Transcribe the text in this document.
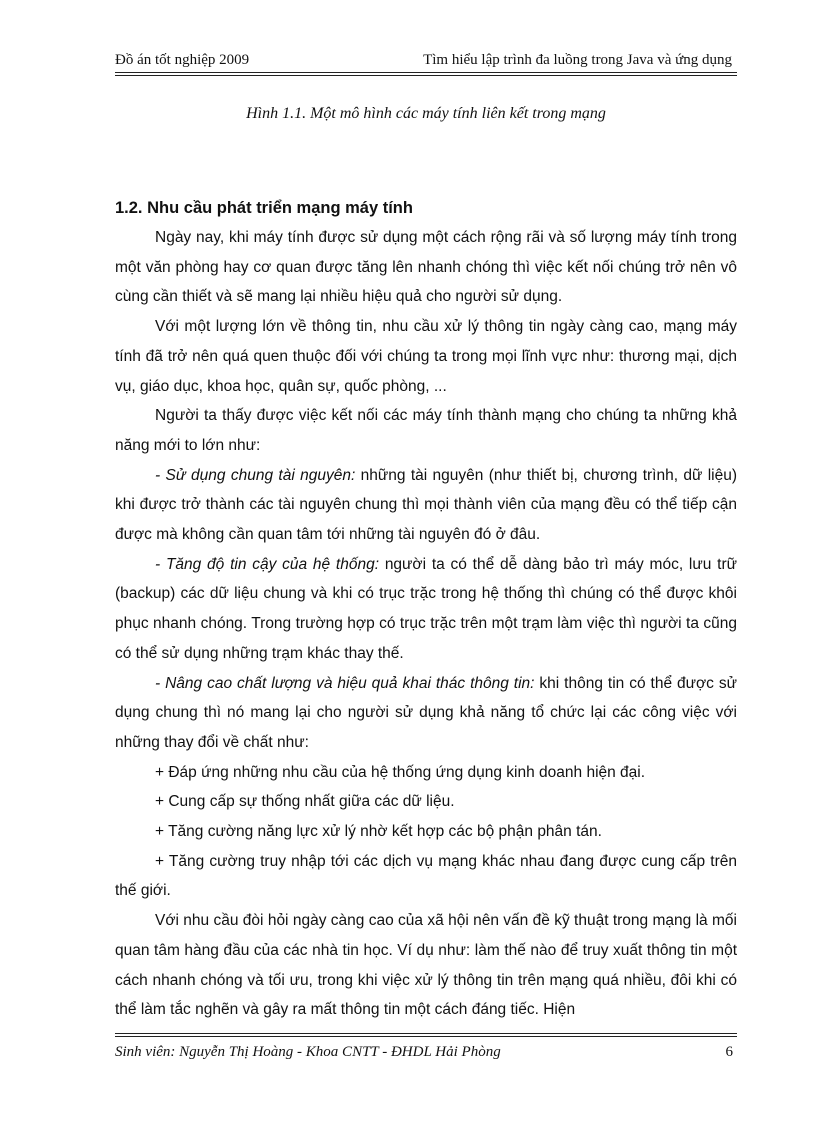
Đồ án tốt nghiệp 2009	Tìm hiểu lập trình đa luồng trong Java và ứng dụng
Hình 1.1. Một mô hình các máy tính liên kết trong mạng
1.2. Nhu cầu phát triển mạng máy tính

Ngày nay, khi máy tính được sử dụng một cách rộng rãi và số lượng máy tính trong một văn phòng hay cơ quan được tăng lên nhanh chóng thì việc kết nối chúng trở nên vô cùng cần thiết và sẽ mang lại nhiều hiệu quả cho người sử dụng.

Với một lượng lớn về thông tin, nhu cầu xử lý thông tin ngày càng cao, mạng máy tính đã trở nên quá quen thuộc đối với chúng ta trong mọi lĩnh vực như: thương mại, dịch vụ, giáo dục, khoa học, quân sự, quốc phòng, ...

Người ta thấy được việc kết nối các máy tính thành mạng cho chúng ta những khả năng mới to lớn như:

- Sử dụng chung tài nguyên: những tài nguyên (như thiết bị, chương trình, dữ liệu) khi được trở thành các tài nguyên chung thì mọi thành viên của mạng đều có thể tiếp cận được mà không cần quan tâm tới những tài nguyên đó ở đâu.

- Tăng độ tin cậy của hệ thống: người ta có thể dễ dàng bảo trì máy móc, lưu trữ (backup) các dữ liệu chung và khi có trục trặc trong hệ thống thì chúng có thể được khôi phục nhanh chóng. Trong trường hợp có trục trặc trên một trạm làm việc thì người ta cũng có thể sử dụng những trạm khác thay thế.

- Nâng cao chất lượng và hiệu quả khai thác thông tin: khi thông tin có thể được sử dụng chung thì nó mang lại cho người sử dụng khả năng tổ chức lại các công việc với những thay đổi về chất như:

+ Đáp ứng những nhu cầu của hệ thống ứng dụng kinh doanh hiện đại.

+ Cung cấp sự thống nhất giữa các dữ liệu.

+ Tăng cường năng lực xử lý nhờ kết hợp các bộ phận phân tán.

+ Tăng cường truy nhập tới các dịch vụ mạng khác nhau đang được cung cấp trên thế giới.

Với nhu cầu đòi hỏi ngày càng cao của xã hội nên vấn đề kỹ thuật trong mạng là mối quan tâm hàng đầu của các nhà tin học. Ví dụ như: làm thế nào để truy xuất thông tin một cách nhanh chóng và tối ưu, trong khi việc xử lý thông tin trên mạng quá nhiều, đôi khi có thể làm tắc nghẽn và gây ra mất thông tin một cách đáng tiếc. Hiện

Sinh viên: Nguyễn Thị Hoàng - Khoa CNTT - ĐHDL Hải Phòng	6
